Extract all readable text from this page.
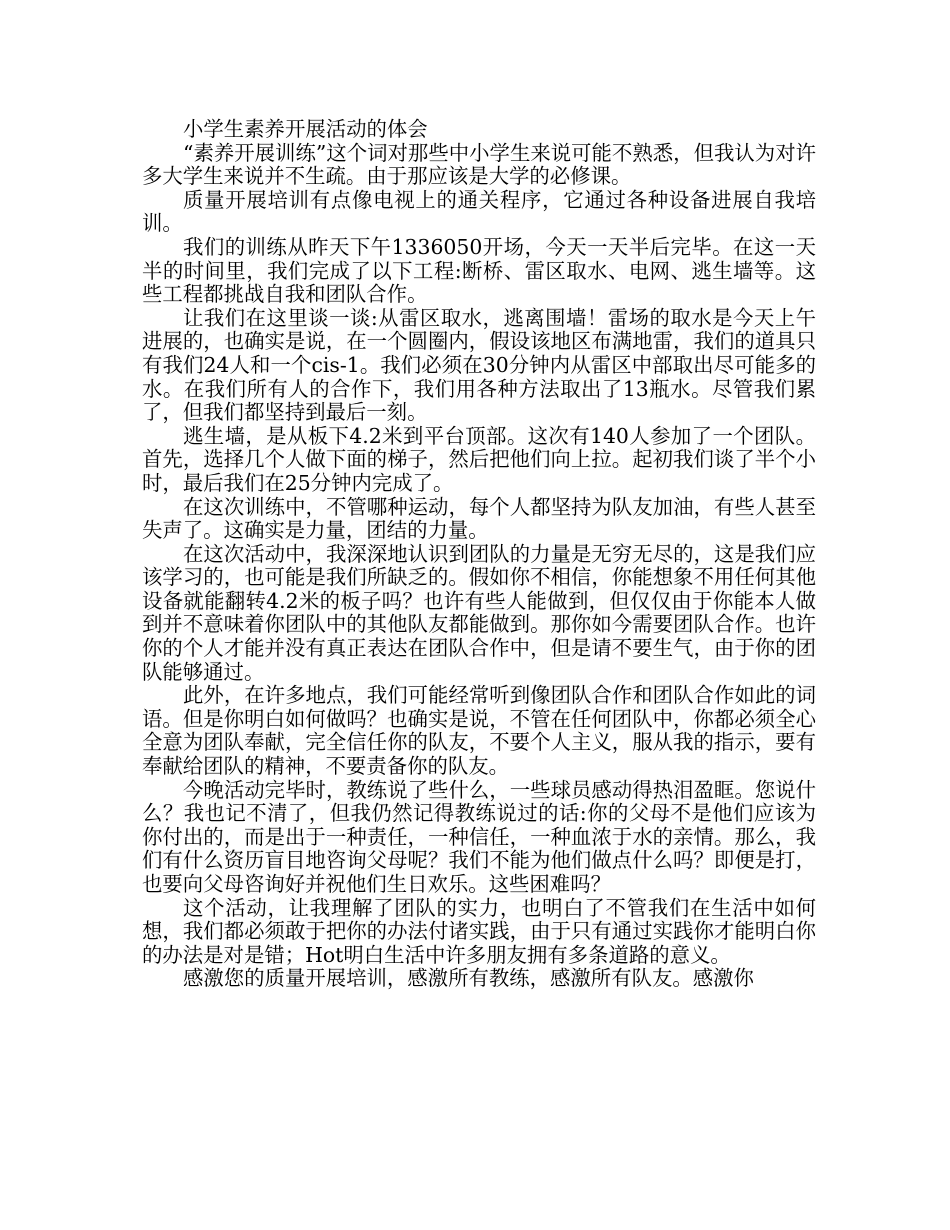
小学生素养开展活动的体会

“素养开展训练”这个词对那些中小学生来说可能不熟悉，但我认为对许多大学生来说并不生疏。由于那应该是大学的必修课。

质量开展培训有点像电视上的通关程序，它通过各种设备进展自我培训。

我们的训练从昨天下午1336050开场，今天一天半后完毕。在这一天半的时间里，我们完成了以下工程:断桥、雷区取水、电网、逃生墙等。这些工程都挑战自我和团队合作。

让我们在这里谈一谈:从雷区取水，逃离围墙！雷场的取水是今天上午进展的，也确实是说，在一个圆圈内，假设该地区布满地雷，我们的道具只有我们24人和一个cis-1。我们必须在30分钟内从雷区中部取出尽可能多的水。在我们所有人的合作下，我们用各种方法取出了13瓶水。尽管我们累了，但我们都坚持到最后一刻。

逃生墙，是从板下4.2米到平台顶部。这次有140人参加了一个团队。首先，选择几个人做下面的梯子，然后把他们向上拉。起初我们谈了半个小时，最后我们在25分钟内完成了。

在这次训练中，不管哪种运动，每个人都坚持为队友加油，有些人甚至失声了。这确实是力量，团结的力量。

在这次活动中，我深深地认识到团队的力量是无穷无尽的，这是我们应该学习的，也可能是我们所缺乏的。假如你不相信，你能想象不用任何其他设备就能翻转4.2米的板子吗？也许有些人能做到，但仅仅由于你能本人做到并不意味着你团队中的其他队友都能做到。那你如今需要团队合作。也许你的个人才能并没有真正表达在团队合作中，但是请不要生气，由于你的团队能够通过。

此外，在许多地点，我们可能经常听到像团队合作和团队合作如此的词语。但是你明白如何做吗？也确实是说，不管在任何团队中，你都必须全心全意为团队奉献，完全信任你的队友，不要个人主义，服从我的指示，要有奉献给团队的精神，不要责备你的队友。

今晚活动完毕时，教练说了些什么，一些球员感动得热泪盈眶。您说什么？我也记不清了，但我仍然记得教练说过的话:你的父母不是他们应该为你付出的，而是出于一种责任，一种信任，一种血浓于水的亲情。那么，我们有什么资历盲目地咨询父母呢？我们不能为他们做点什么吗？即便是打，也要向父母咨询好并祝他们生日欢乐。这些困难吗？

这个活动，让我理解了团队的实力，也明白了不管我们在生活中如何想，我们都必须敢于把你的办法付诸实践，由于只有通过实践你才能明白你的办法是对是错；Hot明白生活中许多朋友拥有多条道路的意义。

感激您的质量开展培训，感激所有教练，感激所有队友。感激你
